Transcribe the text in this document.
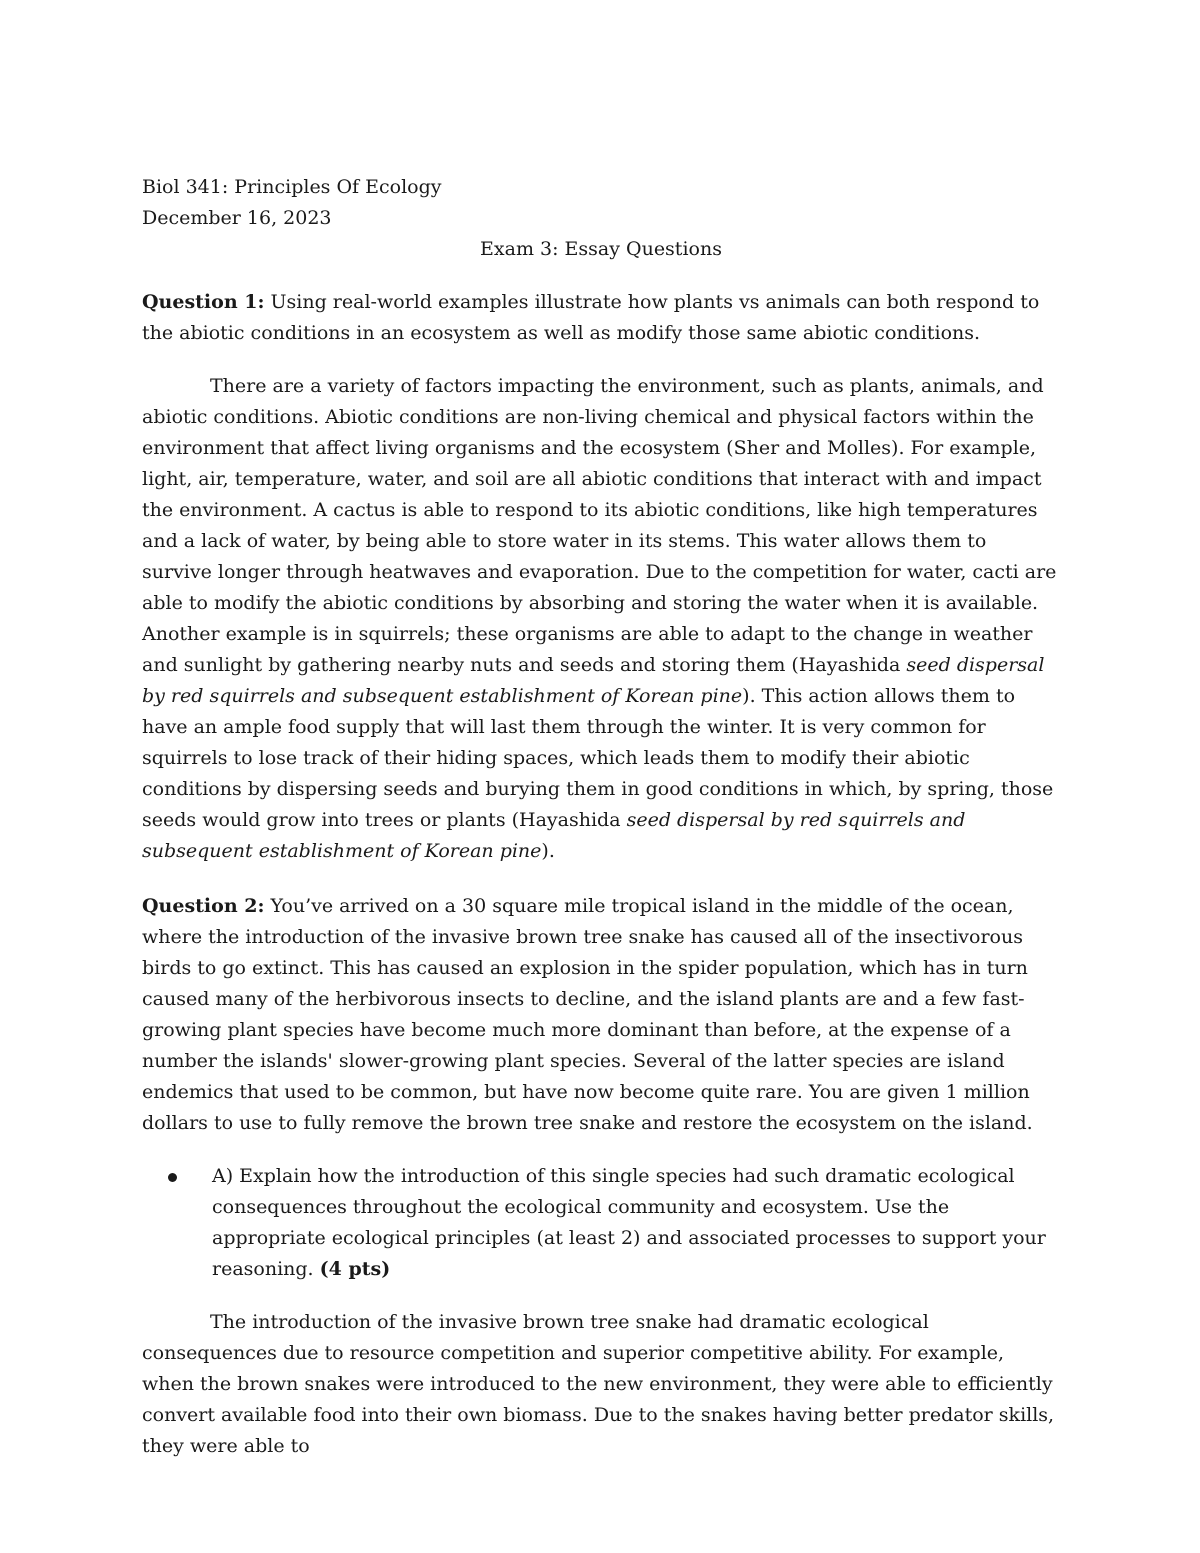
Biol 341: Principles Of Ecology
December 16, 2023
Exam 3: Essay Questions

Question 1: Using real-world examples illustrate how plants vs animals can both respond to the abiotic conditions in an ecosystem as well as modify those same abiotic conditions.

There are a variety of factors impacting the environment, such as plants, animals, and abiotic conditions. Abiotic conditions are non-living chemical and physical factors within the environment that affect living organisms and the ecosystem (Sher and Molles). For example, light, air, temperature, water, and soil are all abiotic conditions that interact with and impact the environment. A cactus is able to respond to its abiotic conditions, like high temperatures and a lack of water, by being able to store water in its stems. This water allows them to survive longer through heatwaves and evaporation. Due to the competition for water, cacti are able to modify the abiotic conditions by absorbing and storing the water when it is available. Another example is in squirrels; these organisms are able to adapt to the change in weather and sunlight by gathering nearby nuts and seeds and storing them (Hayashida seed dispersal by red squirrels and subsequent establishment of Korean pine). This action allows them to have an ample food supply that will last them through the winter. It is very common for squirrels to lose track of their hiding spaces, which leads them to modify their abiotic conditions by dispersing seeds and burying them in good conditions in which, by spring, those seeds would grow into trees or plants (Hayashida seed dispersal by red squirrels and subsequent establishment of Korean pine).

Question 2: You’ve arrived on a 30 square mile tropical island in the middle of the ocean, where the introduction of the invasive brown tree snake has caused all of the insectivorous birds to go extinct. This has caused an explosion in the spider population, which has in turn caused many of the herbivorous insects to decline, and the island plants are and a few fast-growing plant species have become much more dominant than before, at the expense of a number the islands' slower-growing plant species. Several of the latter species are island endemics that used to be common, but have now become quite rare. You are given 1 million dollars to use to fully remove the brown tree snake and restore the ecosystem on the island.

A) Explain how the introduction of this single species had such dramatic ecological consequences throughout the ecological community and ecosystem. Use the appropriate ecological principles (at least 2) and associated processes to support your reasoning. (4 pts)

The introduction of the invasive brown tree snake had dramatic ecological consequences due to resource competition and superior competitive ability. For example, when the brown snakes were introduced to the new environment, they were able to efficiently convert available food into their own biomass. Due to the snakes having better predator skills, they were able to
